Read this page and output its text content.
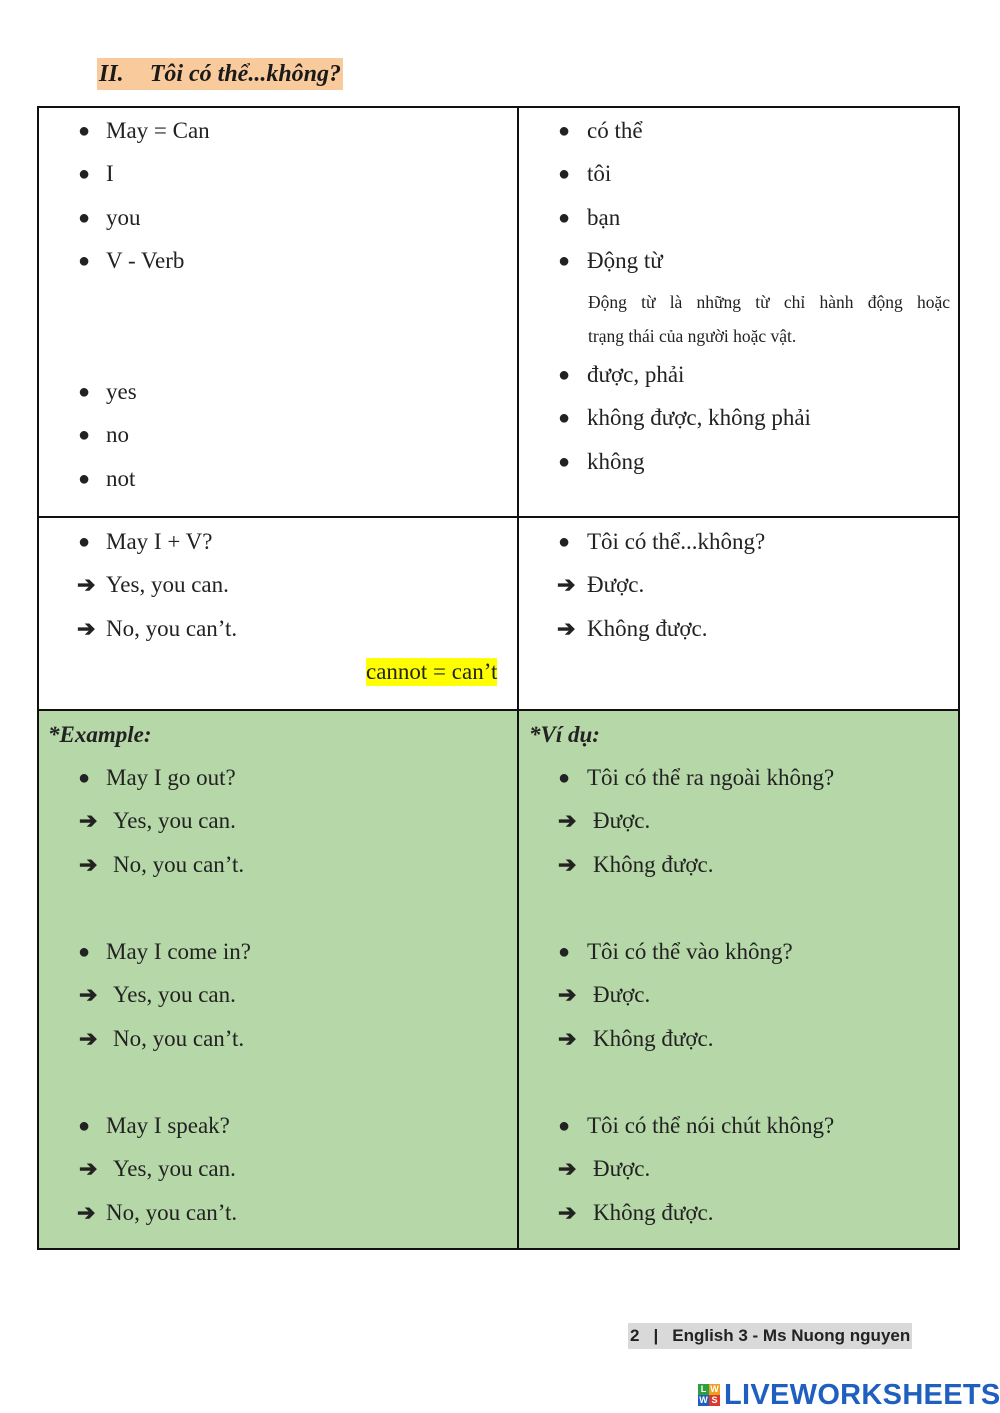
II. Tôi có thể...không?
● May = Can
● I
● you
● V - Verb
● yes
● no
● not
● có thể
● tôi
● bạn
● Động từ
Động từ là những từ chỉ hành động hoặc
trạng thái của người hoặc vật.
● được, phải
● không được, không phải
● không
● May I + V?
➔ Yes, you can.
➔ No, you can’t.
cannot = can’t
● Tôi có thể...không?
➔ Được.
➔ Không được.
*Example:	*Ví dụ:
● May I go out?
➔ Yes, you can.
➔ No, you can’t.
● May I come in?
➔ Yes, you can.
➔ No, you can’t.
● May I speak?
➔ Yes, you can.
➔ No, you can’t.
● Tôi có thể ra ngoài không?
➔ Được.
➔ Không được.
● Tôi có thể vào không?
➔ Được.
➔ Không được.
● Tôi có thể nói chút không?
➔ Được.
➔ Không được.
2 | English 3 - Ms Nuong nguyen
L W
W S LIVEWORKSHEETS
